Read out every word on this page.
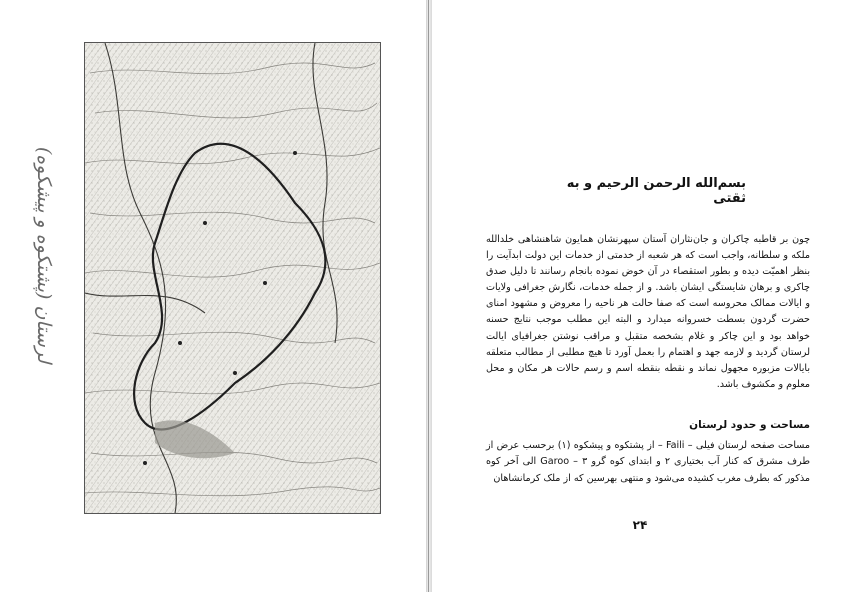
لرستان (پشتکوه و پیشکوه)	بسم‌الله الرحمن الرحیم و به ثقتی

چون بر قاطبه چاکران و جان‌نثاران آستان سپهرنشان همایون شاهنشاهی خلدالله ملکه و سلطانه، واجب است که هر شعبه از خدمتی از خدمات این دولت ابدآیت را بنظر اهمیّت دیده و بطور استقصاء در آن خوض نموده بانجام رسانند تا دلیل صدق چاکری و برهان شایستگی ایشان باشد. و از جمله خدمات، نگارش جغرافی ولایات و ایالات ممالک محروسه است که صفا حالت هر ناحیه را معروض و مشهود امنای حضرت گردون بسطت خسروانه میدارد و البته این مطلب موجب نتایج حسنه خواهد بود و این چاکر و غلام بشخصه متقبل و مراقب نوشتن جغرافیای ایالت لرستان گردید و لازمه جهد و اهتمام را بعمل آورد تا هیچ مطلبی از مطالب متعلقه بایالات مزبوره مجهول نماند و نقطه بنقطه اسم و رسم حالات هر مکان و محل معلوم و مکشوف باشد.

مساحت و حدود لرستان

مساحت صفحه لرستان فیلی – Faili – از پشتکوه و پیشکوه (۱) برحسب عرض از طرف مشرق که کنار آب بختیاری ۲ و ابتدای کوه گرو ۳ – Garoo الی آخر کوه مذکور که بطرف مغرب کشیده می‌شود و منتهی بهرسین که از ملک کرمانشاهان

۲۴
